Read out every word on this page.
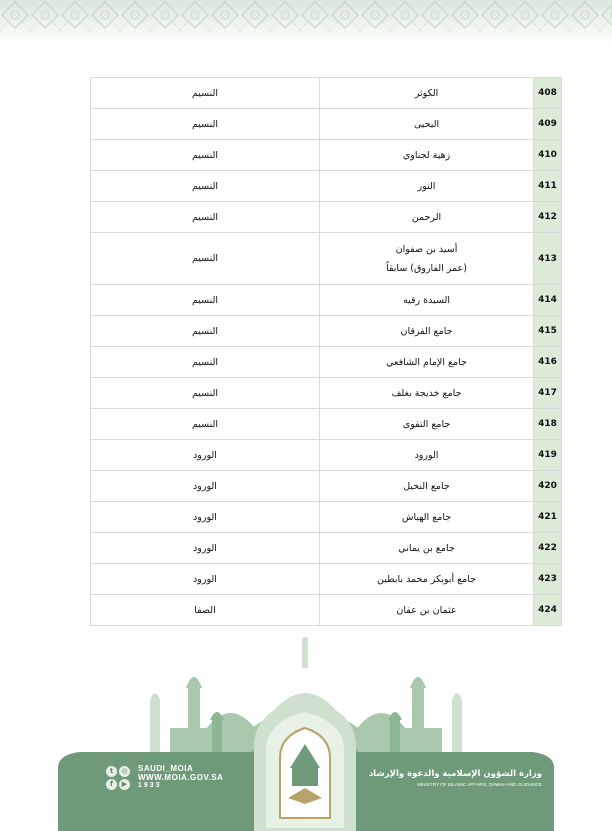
408	الكوثر	النسيم
409	اليحيى	النسيم
410	زهية لجناوي	النسيم
411	النور	النسيم
412	الرحمن	النسيم
413	أسيد بن صفوان
(عمر الفاروق) سابقاً	النسيم
414	السيدة رقيه	النسيم
415	جامع الفرقان	النسيم
416	جامع الإمام الشافعي	النسيم
417	جامع خديجة بغلف	النسيم
418	جامع التقوى	النسيم
419	الورود	الورود
420	جامع النخيل	الورود
421	جامع الهباش	الورود
422	جامع بن يماني	الورود
423	جامع أبوبكر محمد بابطين	الورود
424	عثمان بن عفان	الصفا
t	◎
f	▶
SAUDI_MOIA
WWW.MOIA.GOV.SA
1933
وزارة الشؤون الإسلامية والدعوة والإرشاد
MINISTRY OF ISLAMIC AFFAIRS, DAWAH AND GUIDANCE
